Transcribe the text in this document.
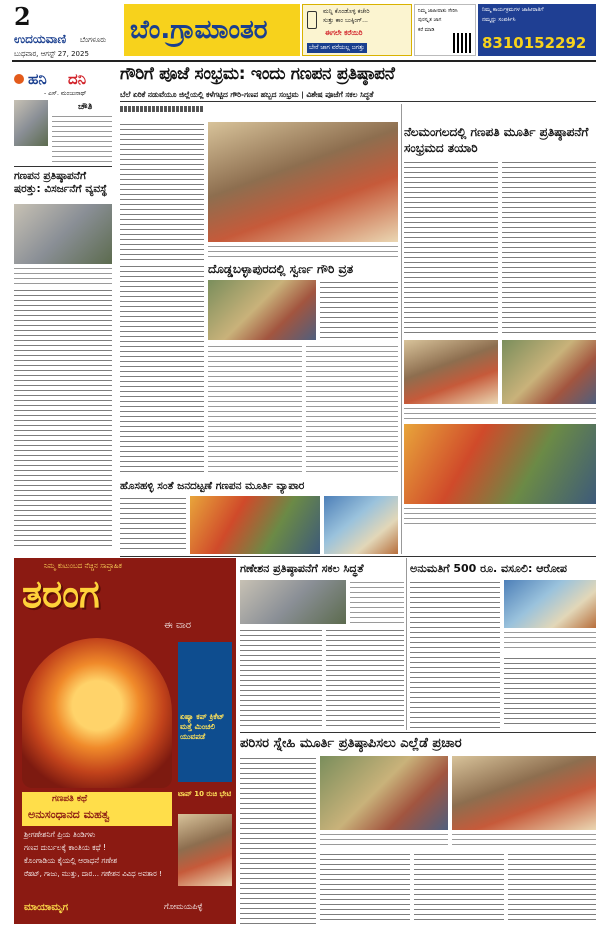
2
ಉದಯವಾಣಿ ಬೆಂಗಳೂರು
ಬುಧವಾರ, ಆಗಸ್ಟ್ 27, 2025
ಬೆಂ.ಗ್ರಾಮಾಂತರ
ಮನ್ನಿ ಕೊಂಡೊಳ್ಳಿ ಕಚೇರಿ
ಸುತ್ತು ಕಾಂ ಬುಕ್ಕಿಂಗ್...
ಈಗಲೇ ಕರೆಯಿರಿ
ಬೇರೆ ಜಾಗ ವರೆಯಲ್ಲ ಜಗತ್ತು
ನಿಮ್ಮ ಜಾಹೀರಾತು ಸೇರಿಸಿ
ಪುರಸ್ಕೃತ ಜಾಗ
ಕರೆ ಮಾಡಿ
ನಿಮ್ಮ ಕಾರ್ಯಕ್ರಮಗಳ ಜಾಹೀರಾತಿಗೆ
ನಮ್ಮನ್ನು ಸಂಪರ್ಕಿಸಿ
8310152292
ಹನಿ ದನಿ
- ಎಸ್. ಮಂಜುನಾಥ್
ಚೌತಿ
ಗಣಪನ ಪ್ರತಿಷ್ಠಾಪನೆಗೆ ಷರತ್ತು: ವಿಸರ್ಜನೆಗೆ ವ್ಯವಸ್ಥೆ
ಗೌರಿಗೆ ಪೂಜೆ ಸಂಭ್ರಮ: ಇಂದು ಗಣಪನ ಪ್ರತಿಷ್ಠಾಪನೆ
ಬೆಲೆ ಏರಿಕೆ ನಡುವೆಯೂ ಜಿಲ್ಲೆಯಲ್ಲಿ ಕಳೆಗಟ್ಟಿದ ಗೌರಿ-ಗಣಪ ಹಬ್ಬದ ಸಂಭ್ರಮ | ವಿಶೇಷ ಪೂಜೆಗೆ ಸಕಲ ಸಿದ್ಧತೆ
ದೊಡ್ಡಬಳ್ಳಾಪುರದಲ್ಲಿ ಸ್ವರ್ಣ ಗೌರಿ ವ್ರತ
ಹೊಸಹಳ್ಳಿ ಸಂತೆ ಜನದಟ್ಟಣೆ ಗಣಪನ ಮೂರ್ತಿ ವ್ಯಾಪಾರ
ನೆಲಮಂಗಲದಲ್ಲಿ ಗಣಪತಿ ಮೂರ್ತಿ ಪ್ರತಿಷ್ಠಾಪನೆಗೆ ಸಂಭ್ರಮದ ತಯಾರಿ
ನಿಮ್ಮ ಕುಟುಂಬದ ನೆಚ್ಚಿನ ಸಾಪ್ತಾಹಿಕ
ತರಂಗ
ಈ ವಾರ
ಏಷ್ಯಾ ಕಪ್ ಕ್ರಿಕೆಟ್ ಮತ್ತೆ ಮಿಂಚಲಿ ಯುವಪಡೆ
ಗಣಪತಿ ಕಥೆ
ಅನುಸಂಧಾನದ ಮಹತ್ವ
ಶ್ರೀಗಣೇಶನಿಗೆ ಪ್ರಿಯ ತಿಂಡಿಗಳು
ಗಣಪ ದುರ್ಬಲಕ್ಕೆ ಕಾಂತಿಯ ಕಥೆ !
ಕೊಂಗಾಡಿಯ ಕೈಯಲ್ಲಿ ಆರಾಧನೆ ಗಣೇಶ
ರೆಹಟ್, ಗಾಜು, ಮುತ್ತು, ದಾರ... ಗಣೇಶನ ವಿವಿಧ ಅವತಾರ !
ಟಾಪ್ 10 ರುಚಿ ಭೇಟಿ
ಮಾಯಾಮೃಗ	ಗೋಮಯಪಿಳ್ಳೆ
ಗಣೇಶನ ಪ್ರತಿಷ್ಠಾಪನೆಗೆ ಸಕಲ ಸಿದ್ಧತೆ	ಅನುಮತಿಗೆ 500 ರೂ. ವಸೂಲಿ: ಆರೋಪ
ಪರಿಸರ ಸ್ನೇಹಿ ಮೂರ್ತಿ ಪ್ರತಿಷ್ಠಾಪಿಸಲು ಎಲ್ಲೆಡೆ ಪ್ರಚಾರ
